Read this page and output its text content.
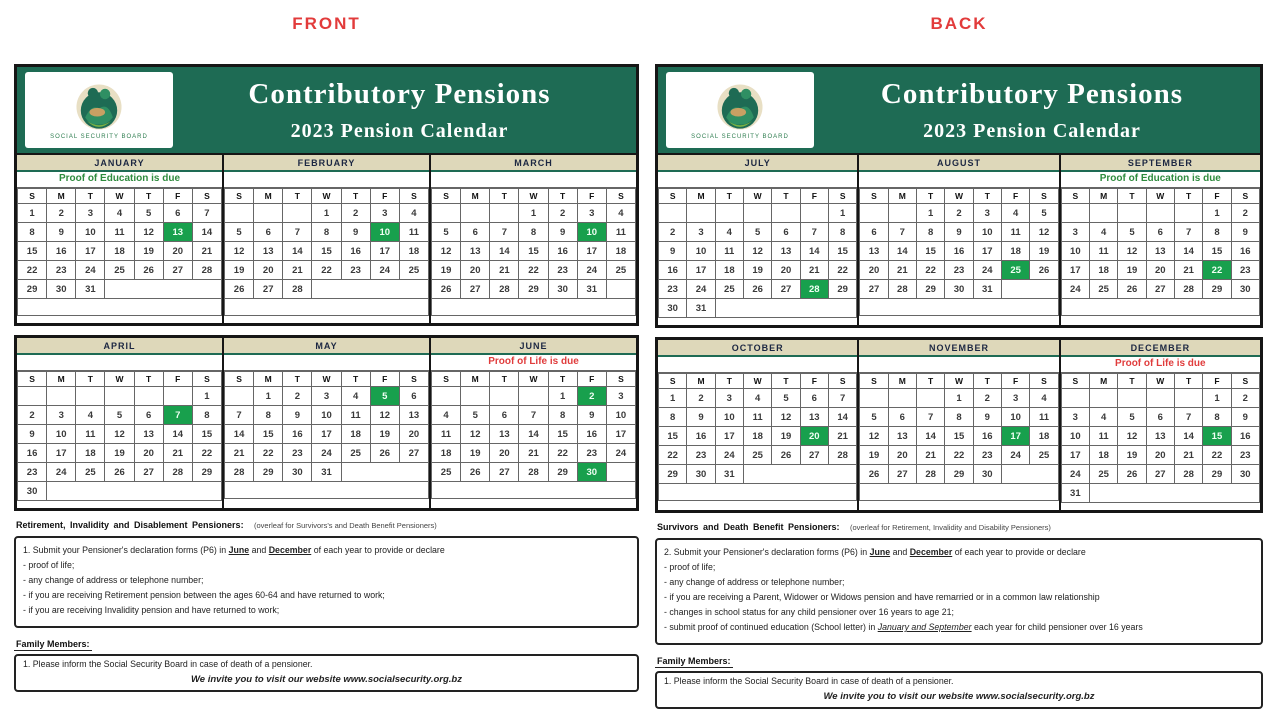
FRONT
SOCIAL SECURITY BOARD
Contributory Pensions
2023 Pension Calendar
JANUARY
Proof of Education is due
S	M	T	W	T	F	S
1	2	3	4	5	6	7
8	9	10	11	12	13	14
15	16	17	18	19	20	21
22	23	24	25	26	27	28
29	30	31				

FEBRUARY
S	M	T	W	T	F	S
			1	2	3	4
5	6	7	8	9	10	11
12	13	14	15	16	17	18
19	20	21	22	23	24	25
26	27	28				

MARCH
S	M	T	W	T	F	S
			1	2	3	4
5	6	7	8	9	10	11
12	13	14	15	16	17	18
19	20	21	22	23	24	25
26	27	28	29	30	31	

APRIL
S	M	T	W	T	F	S
						1
2	3	4	5	6	7	8
9	10	11	12	13	14	15
16	17	18	19	20	21	22
23	24	25	26	27	28	29
30						
MAY
S	M	T	W	T	F	S
	1	2	3	4	5	6
7	8	9	10	11	12	13
14	15	16	17	18	19	20
21	22	23	24	25	26	27
28	29	30	31			

JUNE
Proof of Life is due
S	M	T	W	T	F	S
				1	2	3
4	5	6	7	8	9	10
11	12	13	14	15	16	17
18	19	20	21	22	23	24
25	26	27	28	29	30	

Retirement, Invalidity and Disablement Pensioners: (overleaf for Survivors's and Death Benefit Pensioners)
1. Submit your Pensioner's declaration forms (P6) in June and December of each year to provide or declare
- proof of life;
- any change of address or telephone number;
- if you are receiving Retirement pension between the ages 60-64 and have returned to work;
- if you are receiving Invalidity pension and have returned to work;
Family Members:
1. Please inform the Social Security Board in case of death of a pensioner.
We invite you to visit our website www.socialsecurity.org.bz
BACK
SOCIAL SECURITY BOARD
Contributory Pensions
2023 Pension Calendar
JULY
S	M	T	W	T	F	S
						1
2	3	4	5	6	7	8
9	10	11	12	13	14	15
16	17	18	19	20	21	22
23	24	25	26	27	28	29
30	31					
AUGUST
S	M	T	W	T	F	S
		1	2	3	4	5
6	7	8	9	10	11	12
13	14	15	16	17	18	19
20	21	22	23	24	25	26
27	28	29	30	31		

SEPTEMBER
Proof of Education is due
S	M	T	W	T	F	S
					1	2
3	4	5	6	7	8	9
10	11	12	13	14	15	16
17	18	19	20	21	22	23
24	25	26	27	28	29	30

OCTOBER
S	M	T	W	T	F	S
1	2	3	4	5	6	7
8	9	10	11	12	13	14
15	16	17	18	19	20	21
22	23	24	25	26	27	28
29	30	31				

NOVEMBER
S	M	T	W	T	F	S
			1	2	3	4
5	6	7	8	9	10	11
12	13	14	15	16	17	18
19	20	21	22	23	24	25
26	27	28	29	30		

DECEMBER
Proof of Life is due
S	M	T	W	T	F	S
					1	2
3	4	5	6	7	8	9
10	11	12	13	14	15	16
17	18	19	20	21	22	23
24	25	26	27	28	29	30
31						
Survivors and Death Benefit Pensioners: (overleaf for Retirement, Invalidity and Disability Pensioners)
2. Submit your Pensioner's declaration forms (P6) in June and December of each year to provide or declare
- proof of life;
- any change of address or telephone number;
- if you are receiving a Parent, Widower or Widows pension and have remarried or in a common law relationship
- changes in school status for any child pensioner over 16 years to age 21;
- submit proof of continued education (School letter) in January and September each year for child pensioner over 16 years
Family Members:
1. Please inform the Social Security Board in case of death of a pensioner.
We invite you to visit our website www.socialsecurity.org.bz
